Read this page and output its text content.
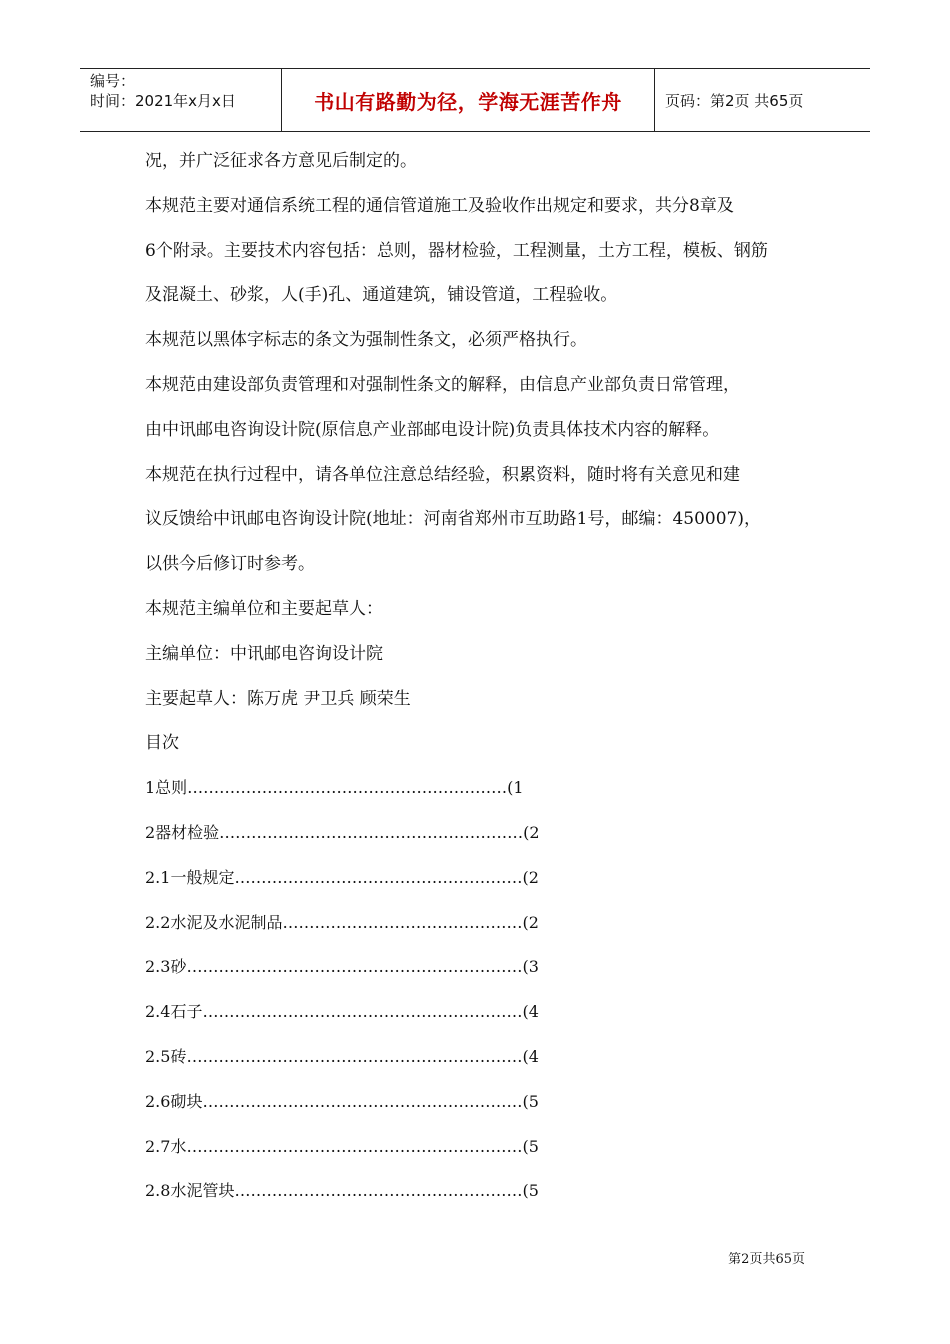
编号：
时间：2021年x月x日	书山有路勤为径，学海无涯苦作舟	页码：第2页 共65页
况，并广泛征求各方意见后制定的。
本规范主要对通信系统工程的通信管道施工及验收作出规定和要求，共分8章及
6个附录。主要技术内容包括：总则，器材检验，工程测量，土方工程，模板、钢筋
及混凝土、砂浆，人(手)孔、通道建筑，铺设管道，工程验收。
本规范以黑体字标志的条文为强制性条文，必须严格执行。
本规范由建设部负责管理和对强制性条文的解释，由信息产业部负责日常管理，
由中讯邮电咨询设计院(原信息产业部邮电设计院)负责具体技术内容的解释。
本规范在执行过程中，请各单位注意总结经验，积累资料，随时将有关意见和建
议反馈给中讯邮电咨询设计院(地址：河南省郑州市互助路1号，邮编：450007)，
以供今后修订时参考。
本规范主编单位和主要起草人：
主编单位：中讯邮电咨询设计院
主要起草人：陈万虎 尹卫兵 顾荣生
目次
1总则……………………………………………………(1
2器材检验…………………………………………………(2
2.1一般规定………………………………………………(2
2.2水泥及水泥制品………………………………………(2
2.3砂………………………………………………………(3
2.4石子……………………………………………………(4
2.5砖………………………………………………………(4
2.6砌块……………………………………………………(5
2.7水………………………………………………………(5
2.8水泥管块………………………………………………(5
第2页共65页
